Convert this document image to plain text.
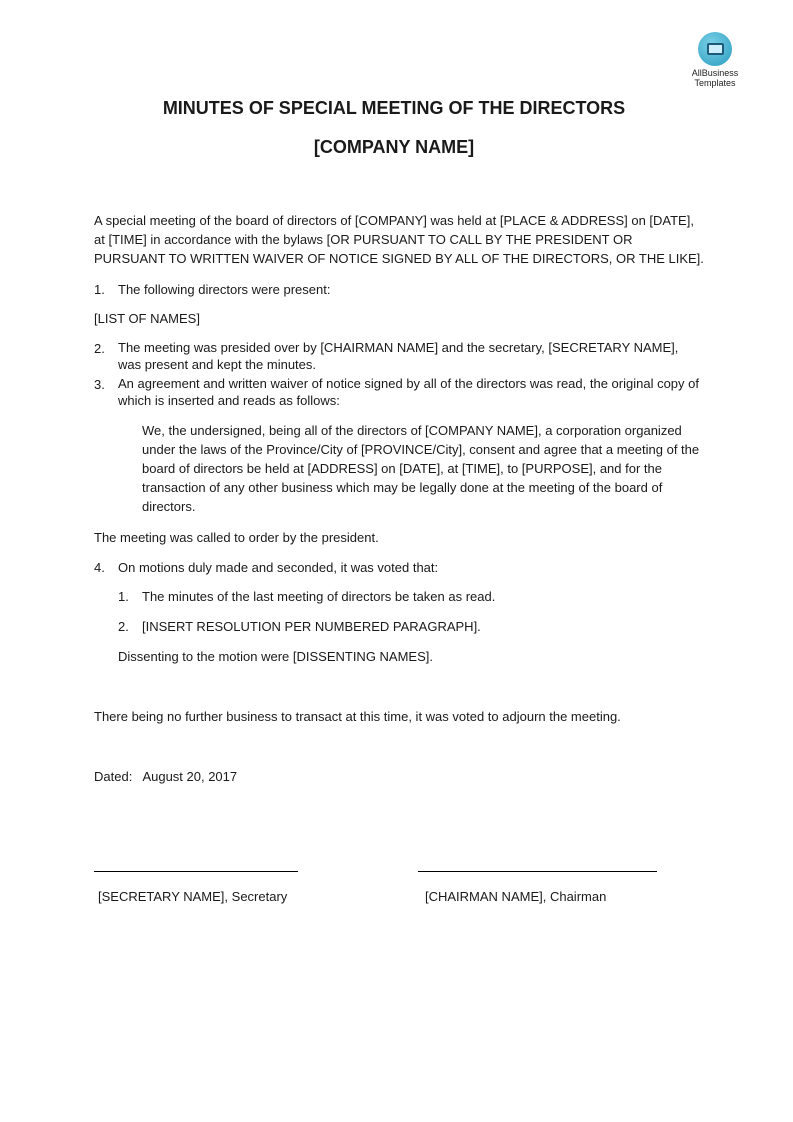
AllBusiness
Templates
MINUTES OF SPECIAL MEETING OF THE DIRECTORS
[COMPANY NAME]
A special meeting of the board of directors of [COMPANY] was held at [PLACE & ADDRESS] on [DATE], at [TIME] in accordance with the bylaws [OR PURSUANT TO CALL BY THE PRESIDENT OR PURSUANT TO WRITTEN WAIVER OF NOTICE SIGNED BY ALL OF THE DIRECTORS, OR THE LIKE].
1.	The following directors were present:
[LIST OF NAMES]
2.	The meeting was presided over by [CHAIRMAN NAME] and the secretary, [SECRETARY NAME], was present and kept the minutes.
3.	An agreement and written waiver of notice signed by all of the directors was read, the original copy of which is inserted and reads as follows:
We, the undersigned, being all of the directors of [COMPANY NAME], a corporation organized under the laws of the Province/City of [PROVINCE/City], consent and agree that a meeting of the board of directors be held at [ADDRESS] on [DATE], at [TIME], to [PURPOSE], and for the transaction of any other business which may be legally done at the meeting of the board of directors.
The meeting was called to order by the president.
4.	On motions duly made and seconded, it was voted that:
1.	The minutes of the last meeting of directors be taken as read.
2.	[INSERT RESOLUTION PER NUMBERED PARAGRAPH].
Dissenting to the motion were [DISSENTING NAMES].
There being no further business to transact at this time, it was voted to adjourn the meeting.
Dated: August 20, 2017
[SECRETARY NAME], Secretary	[CHAIRMAN NAME], Chairman
